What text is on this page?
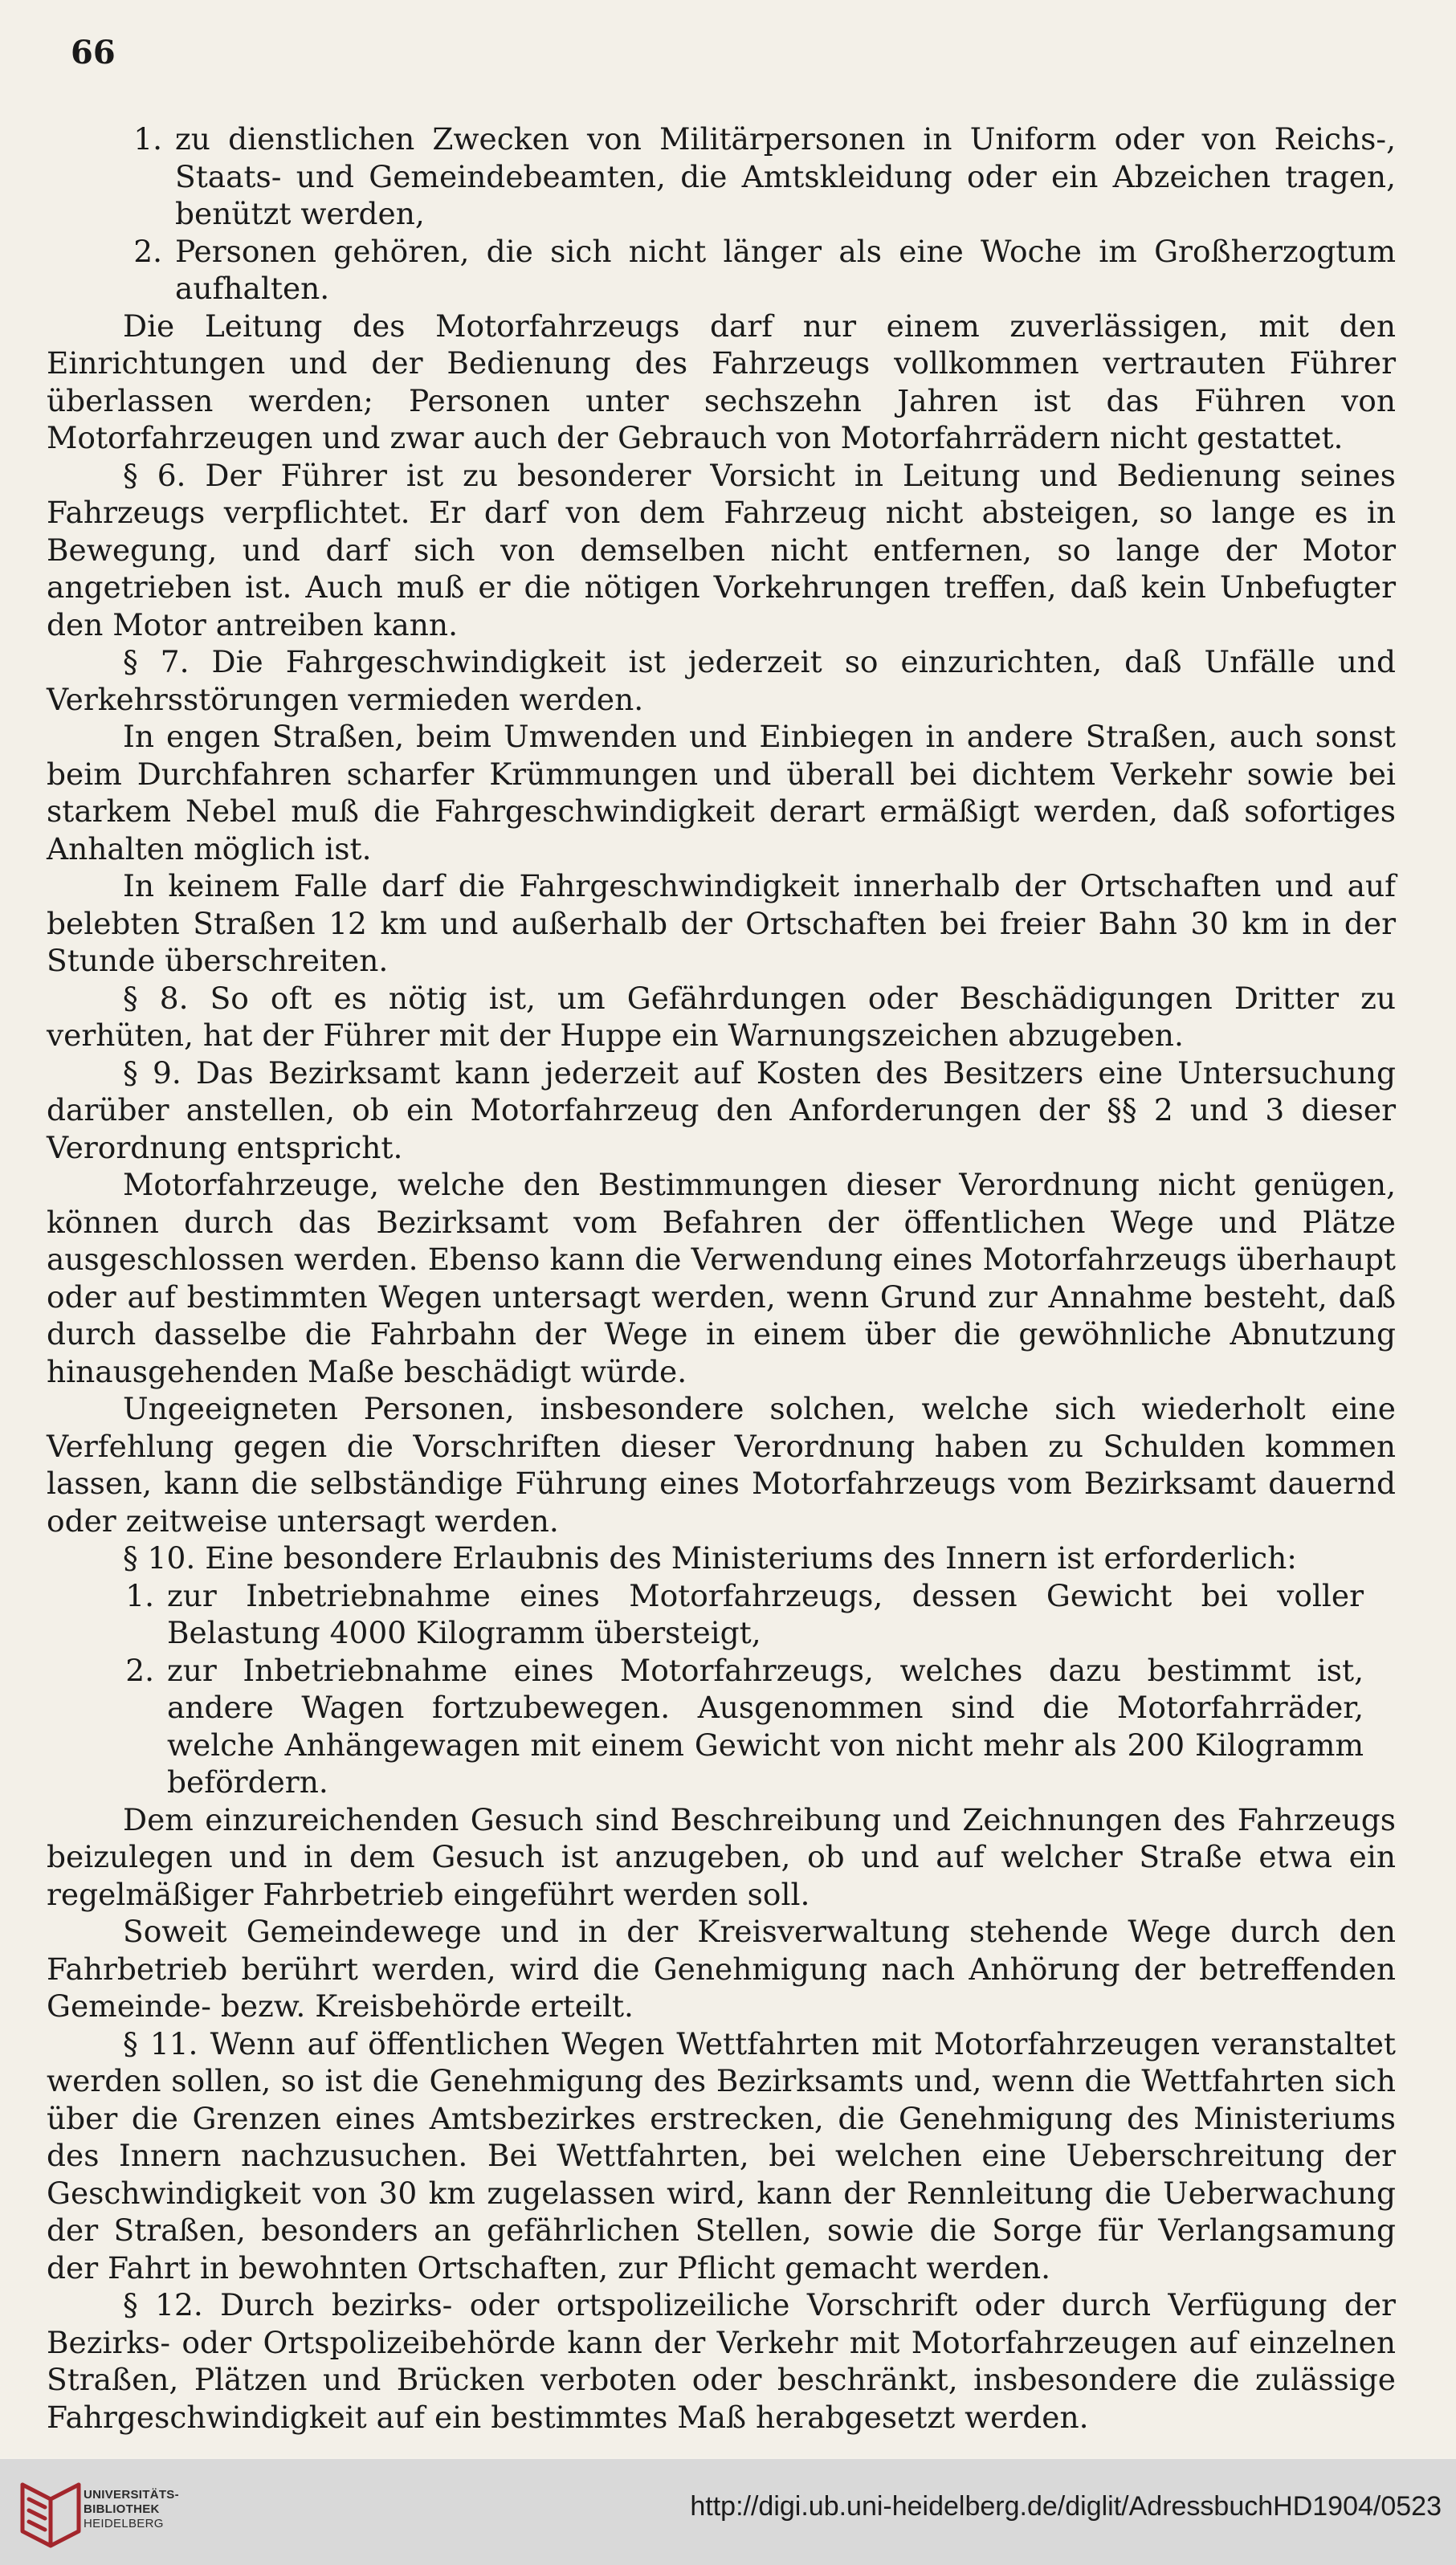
66
1. zu dienstlichen Zwecken von Militärpersonen in Uniform oder von Reichs-, Staats- und Gemeindebeamten, die Amtskleidung oder ein Abzeichen tragen, benützt werden,
2. Personen gehören, die sich nicht länger als eine Woche im Großherzogtum aufhalten.

Die Leitung des Motorfahrzeugs darf nur einem zuverlässigen, mit den Einrichtungen und der Bedienung des Fahrzeugs vollkommen vertrauten Führer überlassen werden; Personen unter sechszehn Jahren ist das Führen von Motorfahrzeugen und zwar auch der Gebrauch von Motorfahrrädern nicht gestattet.

§ 6. Der Führer ist zu besonderer Vorsicht in Leitung und Bedienung seines Fahrzeugs verpflichtet. Er darf von dem Fahrzeug nicht absteigen, so lange es in Bewegung, und darf sich von demselben nicht entfernen, so lange der Motor angetrieben ist. Auch muß er die nötigen Vorkehrungen treffen, daß kein Unbefugter den Motor antreiben kann.

§ 7. Die Fahrgeschwindigkeit ist jederzeit so einzurichten, daß Unfälle und Verkehrsstörungen vermieden werden.

In engen Straßen, beim Umwenden und Einbiegen in andere Straßen, auch sonst beim Durchfahren scharfer Krümmungen und überall bei dichtem Verkehr sowie bei starkem Nebel muß die Fahrgeschwindigkeit derart ermäßigt werden, daß sofortiges Anhalten möglich ist.

In keinem Falle darf die Fahrgeschwindigkeit innerhalb der Ortschaften und auf belebten Straßen 12 km und außerhalb der Ortschaften bei freier Bahn 30 km in der Stunde überschreiten.

§ 8. So oft es nötig ist, um Gefährdungen oder Beschädigungen Dritter zu verhüten, hat der Führer mit der Huppe ein Warnungszeichen abzugeben.

§ 9. Das Bezirksamt kann jederzeit auf Kosten des Besitzers eine Untersuchung darüber anstellen, ob ein Motorfahrzeug den Anforderungen der §§ 2 und 3 dieser Verordnung entspricht.

Motorfahrzeuge, welche den Bestimmungen dieser Verordnung nicht genügen, können durch das Bezirksamt vom Befahren der öffentlichen Wege und Plätze ausgeschlossen werden. Ebenso kann die Verwendung eines Motorfahrzeugs überhaupt oder auf bestimmten Wegen untersagt werden, wenn Grund zur Annahme besteht, daß durch dasselbe die Fahrbahn der Wege in einem über die gewöhnliche Abnutzung hinausgehenden Maße beschädigt würde.

Ungeeigneten Personen, insbesondere solchen, welche sich wiederholt eine Verfehlung gegen die Vorschriften dieser Verordnung haben zu Schulden kommen lassen, kann die selbständige Führung eines Motorfahrzeugs vom Bezirksamt dauernd oder zeitweise untersagt werden.

§ 10. Eine besondere Erlaubnis des Ministeriums des Innern ist erforderlich:

1. zur Inbetriebnahme eines Motorfahrzeugs, dessen Gewicht bei voller Belastung 4000 Kilogramm übersteigt,
2. zur Inbetriebnahme eines Motorfahrzeugs, welches dazu bestimmt ist, andere Wagen fortzubewegen. Ausgenommen sind die Motorfahrräder, welche Anhängewagen mit einem Gewicht von nicht mehr als 200 Kilogramm befördern.

Dem einzureichenden Gesuch sind Beschreibung und Zeichnungen des Fahrzeugs beizulegen und in dem Gesuch ist anzugeben, ob und auf welcher Straße etwa ein regelmäßiger Fahrbetrieb eingeführt werden soll.

Soweit Gemeindewege und in der Kreisverwaltung stehende Wege durch den Fahrbetrieb berührt werden, wird die Genehmigung nach Anhörung der betreffenden Gemeinde- bezw. Kreisbehörde erteilt.

§ 11. Wenn auf öffentlichen Wegen Wettfahrten mit Motorfahrzeugen veranstaltet werden sollen, so ist die Genehmigung des Bezirksamts und, wenn die Wettfahrten sich über die Grenzen eines Amtsbezirkes erstrecken, die Genehmigung des Ministeriums des Innern nachzusuchen. Bei Wettfahrten, bei welchen eine Ueberschreitung der Geschwindigkeit von 30 km zugelassen wird, kann der Rennleitung die Ueberwachung der Straßen, besonders an gefährlichen Stellen, sowie die Sorge für Verlangsamung der Fahrt in bewohnten Ortschaften, zur Pflicht gemacht werden.

§ 12. Durch bezirks- oder ortspolizeiliche Vorschrift oder durch Verfügung der Bezirks- oder Ortspolizeibehörde kann der Verkehr mit Motorfahrzeugen auf einzelnen Straßen, Plätzen und Brücken verboten oder beschränkt, insbesondere die zulässige Fahrgeschwindigkeit auf ein bestimmtes Maß herabgesetzt werden.

UNIVERSITÄTS-
BIBLIOTHEK
HEIDELBERG
http://digi.ub.uni-heidelberg.de/diglit/AdressbuchHD1904/0523
